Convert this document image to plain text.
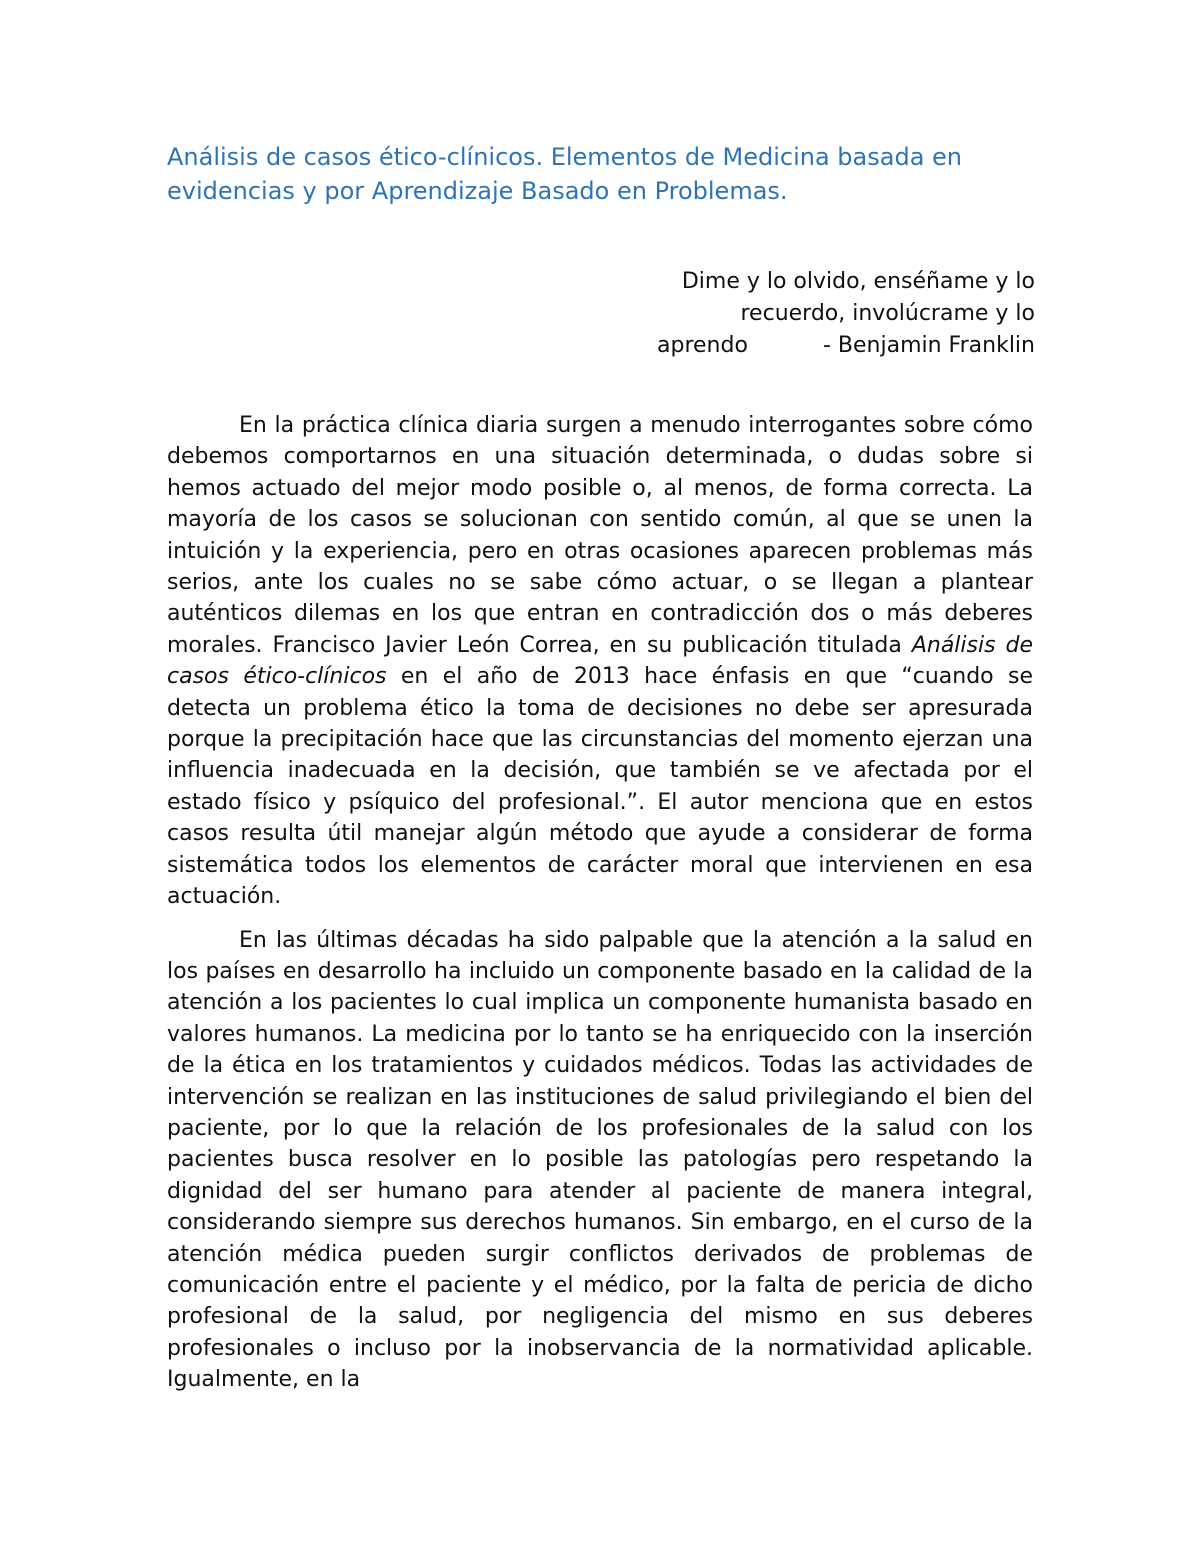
Análisis de casos ético-clínicos. Elementos de Medicina basada en evidencias y por Aprendizaje Basado en Problemas.
Dime y lo olvido, enséñame y lo
recuerdo, involúcrame y lo
aprendo	- Benjamin Franklin

En la práctica clínica diaria surgen a menudo interrogantes sobre cómo debemos comportarnos en una situación determinada, o dudas sobre si hemos actuado del mejor modo posible o, al menos, de forma correcta. La mayoría de los casos se solucionan con sentido común, al que se unen la intuición y la experiencia, pero en otras ocasiones aparecen problemas más serios, ante los cuales no se sabe cómo actuar, o se llegan a plantear auténticos dilemas en los que entran en contradicción dos o más deberes morales. Francisco Javier León Correa, en su publicación titulada Análisis de casos ético-clínicos en el año de 2013 hace énfasis en que “cuando se detecta un problema ético la toma de decisiones no debe ser apresurada porque la precipitación hace que las circunstancias del momento ejerzan una influencia inadecuada en la decisión, que también se ve afectada por el estado físico y psíquico del profesional.”. El autor menciona que en estos casos resulta útil manejar algún método que ayude a considerar de forma sistemática todos los elementos de carácter moral que intervienen en esa actuación.

En las últimas décadas ha sido palpable que la atención a la salud en los países en desarrollo ha incluido un componente basado en la calidad de la atención a los pacientes lo cual implica un componente humanista basado en valores humanos. La medicina por lo tanto se ha enriquecido con la inserción de la ética en los tratamientos y cuidados médicos. Todas las actividades de intervención se realizan en las instituciones de salud privilegiando el bien del paciente, por lo que la relación de los profesionales de la salud con los pacientes busca resolver en lo posible las patologías pero respetando la dignidad del ser humano para atender al paciente de manera integral, considerando siempre sus derechos humanos. Sin embargo, en el curso de la atención médica pueden surgir conflictos derivados de problemas de comunicación entre el paciente y el médico, por la falta de pericia de dicho profesional de la salud, por negligencia del mismo en sus deberes profesionales o incluso por la inobservancia de la normatividad aplicable. Igualmente, en la
